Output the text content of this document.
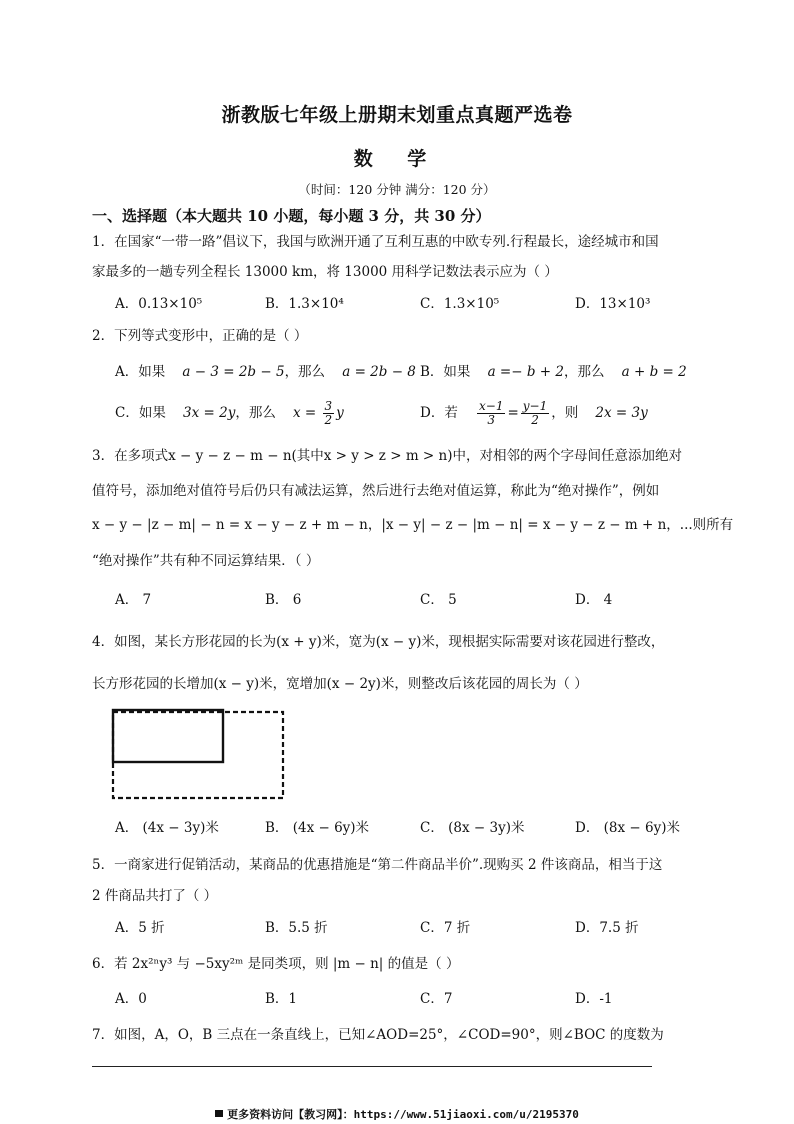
浙教版七年级上册期末划重点真题严选卷
数 学
（时间：120 分钟 满分：120 分）
一、选择题（本大题共 10 小题，每小题 3 分，共 30 分）
1．在国家“一带一路”倡议下，我国与欧洲开通了互利互惠的中欧专列.行程最长，途经城市和国
家最多的一趟专列全程长 13000 km，将 13000 用科学记数法表示应为（ ）
A．0.13×10⁵	B．1.3×10⁴	C．1.3×10⁵	D．13×10³
2．下列等式变形中，正确的是（ ）
A．如果 a − 3 = 2b − 5，那么 a = 2b − 8 B．如果 a =− b + 2，那么 a + b = 2
C．如果 3x = 2y，那么 $x = \frac{3}{2}$ y	D．若 $\frac{x-1}{3} = \frac{y-1}{2}$ ，则 2x = 3y
3．在多项式x − y − z − m − n(其中x > y > z > m > n)中，对相邻的两个字母间任意添加绝对
值符号，添加绝对值符号后仍只有减法运算，然后进行去绝对值运算，称此为“绝对操作”，例如
x − y − |z − m| − n = x − y − z + m − n，|x − y| − z − |m − n| = x − y − z − m + n，...则所有
“绝对操作”共有种不同运算结果．（ ）
A． 7	B． 6	C． 5	D． 4
4．如图，某长方形花园的长为(x + y)米，宽为(x − y)米，现根据实际需要对该花园进行整改，
长方形花园的长增加(x − y)米，宽增加(x − 2y)米，则整改后该花园的周长为（ ）
A． (4x − 3y)米	B． (4x − 6y)米	C． (8x − 3y)米	D． (8x − 6y)米
5．一商家进行促销活动，某商品的优惠措施是“第二件商品半价”.现购买 2 件该商品，相当于这
2 件商品共打了（ ）
A．5 折	B．5.5 折	C．7 折	D．7.5 折
6．若 2x²ⁿy³ 与 −5xy²ᵐ 是同类项，则 |m − n| 的值是（ ）
A．0	B．1	C．7	D．-1
7．如图，A，O，B 三点在一条直线上，已知∠AOD=25°，∠COD=90°，则∠BOC 的度数为
更多资料访问【教习网】：https://www.51jiaoxi.com/u/2195370
